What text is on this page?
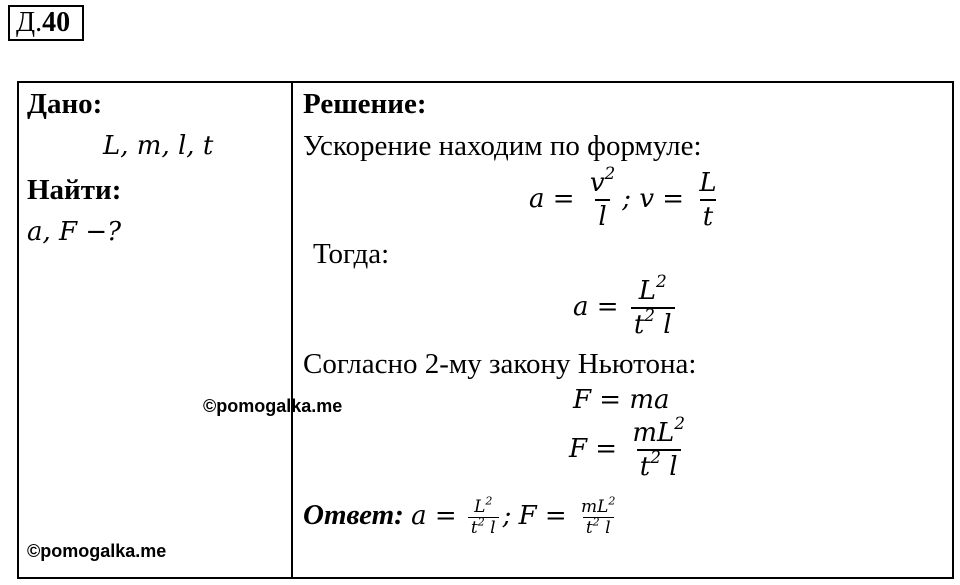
Д.40
Дано:
L, m, l, t
Найти:
a, F −?
Решение:
Ускорение находим по формуле:
$a = \frac{v^2}{l}$ ; $v = \frac{L}{t}$
Тогда:
$a = \frac{L^2}{t^2 l}$
Согласно 2-му закону Ньютона:
F = ma
$F = \frac{mL^2}{t^2 l}$
Ответ: $a = \frac{L^2}{t^2 l}$ ; $F = \frac{mL^2}{t^2 l}$
©pomogalka.me
©pomogalka.me
